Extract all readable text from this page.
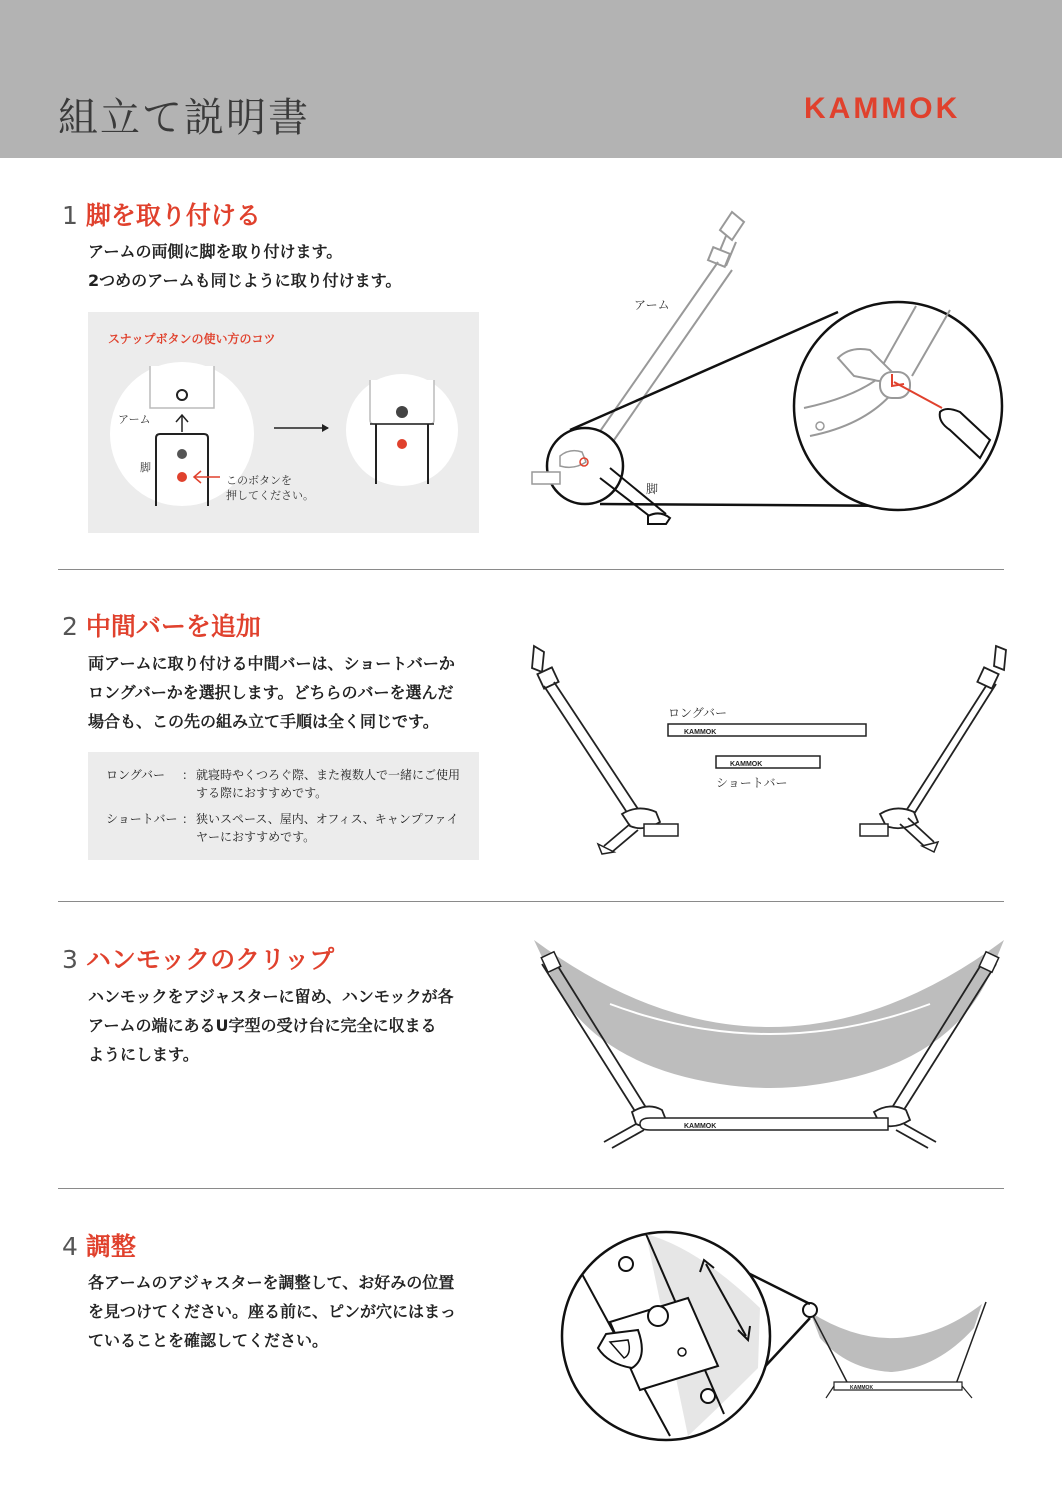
組立て説明書	KAMMOK
1 脚を取り付ける
アームの両側に脚を取り付けます。
2つめのアームも同じように取り付けます。
スナップボタンの使い方のコツ
アーム
脚
このボタンを
押してください。
アーム
脚
2 中間バーを追加
両アームに取り付ける中間バーは、ショートバーか
ロングバーかを選択します。どちらのバーを選んだ
場合も、この先の組み立て手順は全く同じです。
ロングバー	： 就寝時やくつろぐ際、また複数人で一緒にご使用する際におすすめです。
ショートバー ： 狭いスペース、屋内、オフィス、キャンプファイヤーにおすすめです。
KAMMOK
KAMMOK
ロングバー
ショートバー
3 ハンモックのクリップ
ハンモックをアジャスターに留め、ハンモックが各
アームの端にあるU字型の受け台に完全に収まる
ようにします。
KAMMOK
4 調整
各アームのアジャスターを調整して、お好みの位置
を見つけてください。座る前に、ピンが穴にはまっ
ていることを確認してください。
KAMMOK
